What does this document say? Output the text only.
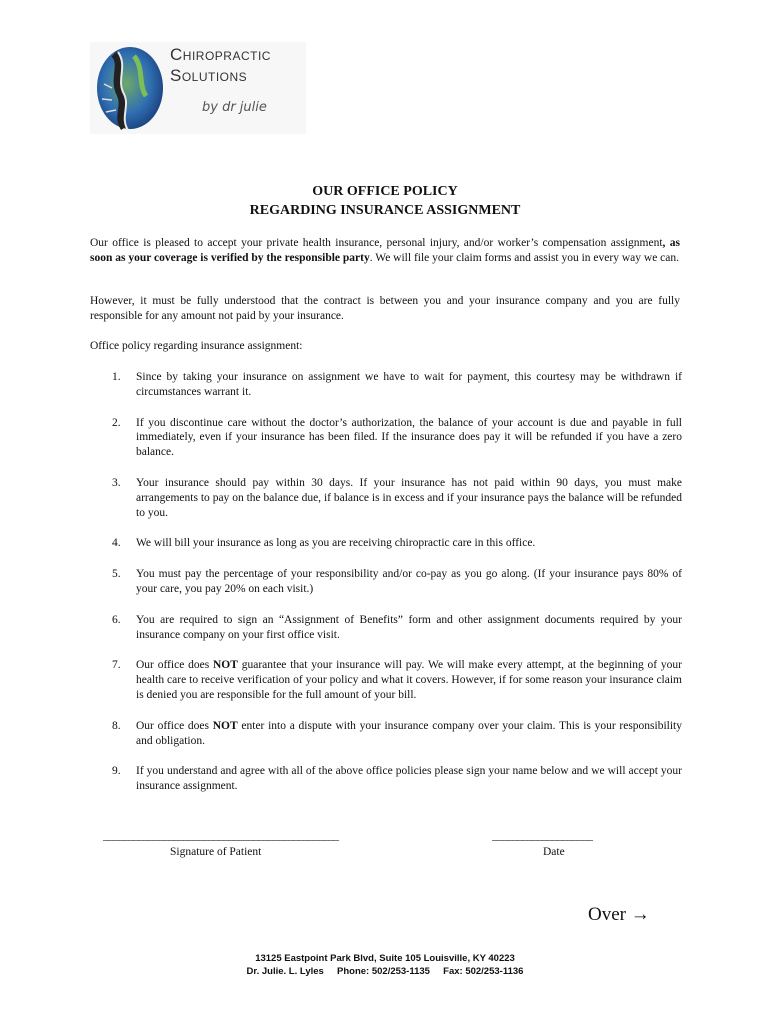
Chiropractic
Solutions
by dr julie
OUR OFFICE POLICY
REGARDING INSURANCE ASSIGNMENT

Our office is pleased to accept your private health insurance, personal injury, and/or worker’s compensation assignment, as soon as your coverage is verified by the responsible party. We will file your claim forms and assist you in every way we can.

However, it must be fully understood that the contract is between you and your insurance company and you are fully responsible for any amount not paid by your insurance.

Office policy regarding insurance assignment:

1. Since by taking your insurance on assignment we have to wait for payment, this courtesy may be withdrawn if circumstances warrant it.
2. If you discontinue care without the doctor’s authorization, the balance of your account is due and payable in full immediately, even if your insurance has been filed. If the insurance does pay it will be refunded if you have a zero balance.
3. Your insurance should pay within 30 days. If your insurance has not paid within 90 days, you must make arrangements to pay on the balance due, if balance is in excess and if your insurance pays the balance will be refunded to you.
4. We will bill your insurance as long as you are receiving chiropractic care in this office.
5. You must pay the percentage of your responsibility and/or co-pay as you go along. (If your insurance pays 80% of your care, you pay 20% on each visit.)
6. You are required to sign an “Assignment of Benefits” form and other assignment documents required by your insurance company on your first office visit.
7. Our office does NOT guarantee that your insurance will pay. We will make every attempt, at the beginning of your health care to receive verification of your policy and what it covers. However, if for some reason your insurance claim is denied you are responsible for the full amount of your bill.
8. Our office does NOT enter into a dispute with your insurance company over your claim. This is your responsibility and obligation.
9. If you understand and agree with all of the above office policies please sign your name below and we will accept your insurance assignment.
_______________________________________________	____________________
Signature of Patient	Date
Over →
13125 Eastpoint Park Blvd, Suite 105 Louisville, KY 40223
Dr. Julie. L. Lyles     Phone: 502/253-1135     Fax: 502/253-1136
